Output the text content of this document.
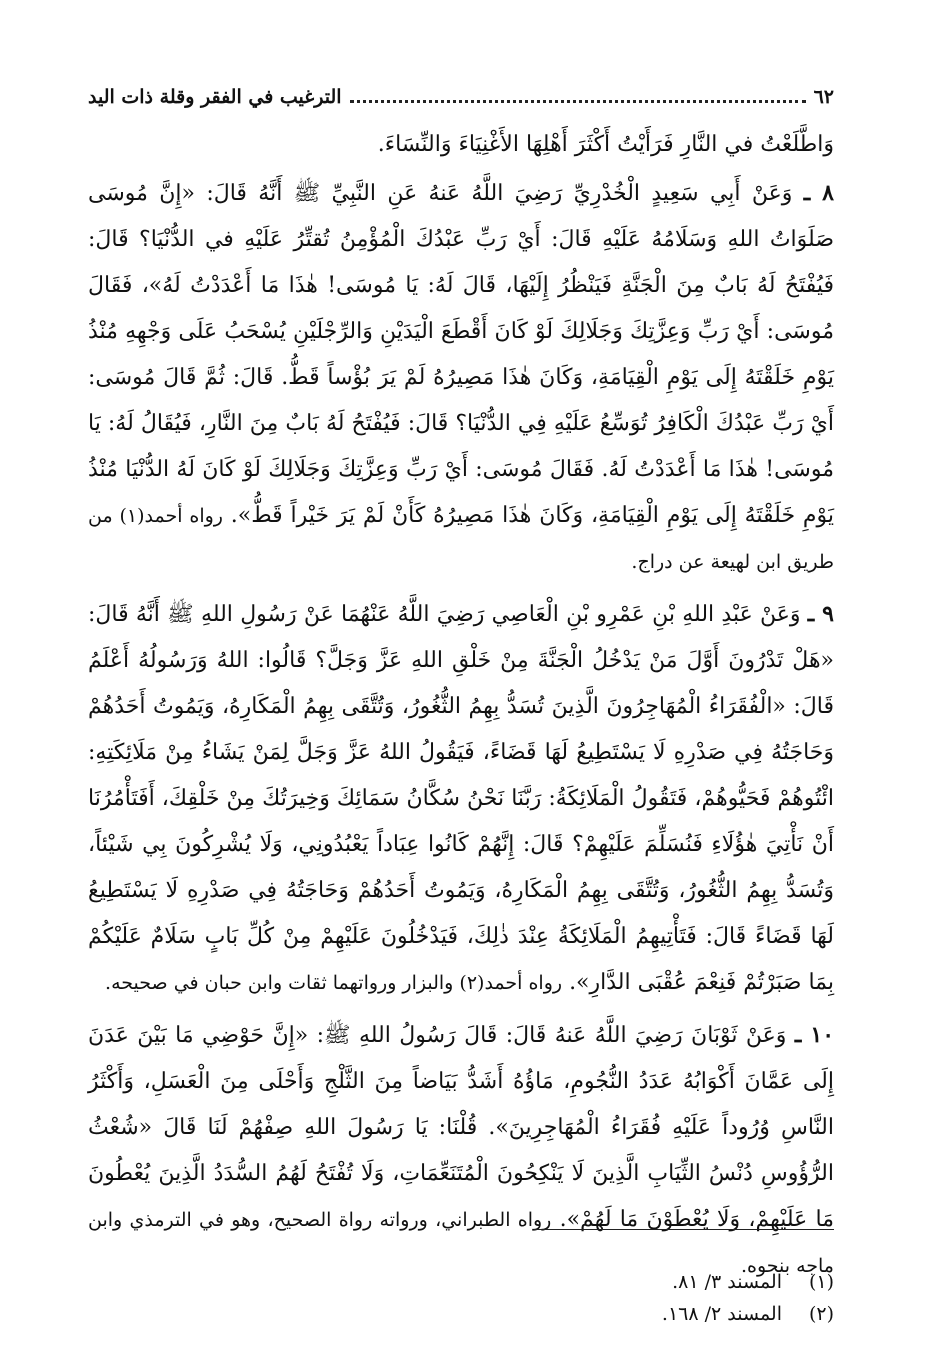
٦٢
الترغيب في الفقر وقلة ذات اليد

وَاطَّلَعْتُ في النَّارِ فَرَأَيْتُ أَكْثَرَ أَهْلِهَا الأَغْنِيَاءَ وَالنِّسَاءَ.

٨ ـ وَعَنْ أَبِي سَعِيدٍ الْخُدْرِيِّ رَضِيَ اللَّهُ عَنهُ عَنِ النَّبِيِّ ﷺ أَنَّهُ قَالَ: «إِنَّ مُوسَى صَلَوَاتُ اللهِ وَسَلَامُهُ عَلَيْهِ قَالَ: أَيْ رَبِّ عَبْدُكَ الْمُؤْمِنُ تُقتِّرُ عَلَيْهِ في الدُّنْيَا؟ قَالَ: فَيُفْتَحُ لَهُ بَابٌ مِنَ الْجَنَّةِ فَيَنْظُرُ إِلَيْهَا، قَالَ لَهُ: يَا مُوسَى! هٰذَا مَا أَعْدَدْتُ لَهُ»، فَقَالَ مُوسَى: أَيْ رَبِّ وَعِزَّتِكَ وَجَلَالِكَ لَوْ كَانَ أَقْطَعَ الْيَدَيْنِ وَالرِّجْلَيْنِ يُسْحَبُ عَلَى وَجْهِهِ مُنْذُ يَوْمِ خَلَقْتَهُ إِلَى يَوْمِ الْقِيَامَةِ، وَكَانَ هٰذَا مَصِيرُهُ لَمْ يَرَ بُؤْساً قَطُّ. قَالَ: ثُمَّ قَالَ مُوسَى: أَيْ رَبِّ عَبْدُكَ الْكَافِرُ تُوَسِّعُ عَلَيْهِ فِي الدُّنْيَا؟ قَالَ: فَيُفْتَحُ لَهُ بَابٌ مِنَ النَّارِ، فَيُقَالُ لَهُ: يَا مُوسَى! هٰذَا مَا أَعْدَدْتُ لَهُ. فَقَالَ مُوسَى: أَيْ رَبِّ وَعِزَّتِكَ وَجَلَالِكَ لَوْ كَانَ لَهُ الدُّنْيَا مُنْذُ يَوْمِ خَلَقْتَهُ إِلَى يَوْمِ الْقِيَامَةِ، وَكَانَ هٰذَا مَصِيرُهُ كَأَنْ لَمْ يَرَ خَيْراً قَطُّ». رواه أحمد(١) من طريق ابن لهيعة عن دراج.

٩ ـ وَعَنْ عَبْدِ اللهِ بْنِ عَمْرِو بْنِ الْعَاصِي رَضِيَ اللَّهُ عَنْهُمَا عَنْ رَسُولِ اللهِ ﷺ أَنَّهُ قَالَ: «هَلْ تَدْرُونَ أَوَّلَ مَنْ يَدْخُلُ الْجَنَّةَ مِنْ خَلْقِ اللهِ عَزَّ وَجَلَّ؟ قَالُوا: اللهُ وَرَسُولُهُ أَعْلَمُ قَالَ: «الْفُقَرَاءُ الْمُهَاجِرُونَ الَّذِينَ تُسَدُّ بِهِمُ الثُّغُورُ، وَتُتَّقَى بِهِمُ الْمَكَارِهُ، وَيَمُوتُ أَحَدُهُمْ وَحَاجَتُهُ فِي صَدْرِهِ لَا يَسْتَطِيعُ لَهَا قَضَاءً، فَيَقُولُ اللهُ عَزَّ وَجَلَّ لِمَنْ يَشَاءُ مِنْ مَلَائِكَتِهِ: ائْتُوهُمْ فَحَيُّوهُمْ، فَتَقُولُ الْمَلَائِكَةُ: رَبَّنَا نَحْنُ سُكَّانُ سَمَائِكَ وَخِيرَتُكَ مِنْ خَلْقِكَ، أَفَتَأْمُرُنَا أَنْ نَأْتِيَ هٰؤُلَاءِ فَنُسَلِّمَ عَلَيْهِمْ؟ قَالَ: إِنَّهُمْ كَانُوا عِبَاداً يَعْبُدُونِي، وَلَا يُشْرِكُونَ بِي شَيْئاً، وَتُسَدُّ بِهِمُ الثُّغُورُ، وَتُتَّقَى بِهِمُ الْمَكَارِهُ، وَيَمُوتُ أَحَدُهُمْ وَحَاجَتُهُ فِي صَدْرِهِ لَا يَسْتَطِيعُ لَهَا قَضَاءً قَالَ: فَتَأْتِيهِمُ الْمَلَائِكَةُ عِنْدَ ذٰلِكَ، فَيَدْخُلُونَ عَلَيْهِمْ مِنْ كُلِّ بَابٍ سَلَامٌ عَلَيْكُمْ بِمَا صَبَرْتُمْ فَنِعْمَ عُقْبَى الدَّارِ». رواه أحمد(٢) والبزار ورواتهما ثقات وابن حبان في صحيحه.

١٠ ـ وَعَنْ ثَوْبَانَ رَضِيَ اللَّهُ عَنهُ قَالَ: قَالَ رَسُولُ اللهِ ﷺ: «إِنَّ حَوْضِي مَا بَيْنَ عَدَنَ إِلَى عَمَّانَ أَكْوَابُهُ عَدَدُ النُّجُومِ، مَاؤُهُ أَشَدُّ بَيَاضاً مِنَ الثَّلْجِ وَأَحْلَى مِنَ الْعَسَلِ، وَأَكْثَرُ النَّاسِ وُرُوداً عَلَيْهِ فُقَرَاءُ الْمُهَاجِرِينَ». قُلْنَا: يَا رَسُولَ اللهِ صِفْهُمْ لَنَا قَالَ «شُعْثُ الرُّؤُوسِ دُنْسُ الثِّيَابِ الَّذِينَ لَا يَنْكِحُونَ الْمُتَنَعِّمَاتِ، وَلَا تُفْتَحُ لَهُمُ السُّدَدُ الَّذِينَ يُعْطُونَ مَا عَلَيْهِمْ، وَلَا يُعْطَوْنَ مَا لَهُمْ». رواه الطبراني، ورواته رواة الصحيح، وهو في الترمذي وابن ماجه بنحوه.

(١)
المسند ٣/ ٨١.
(٢)
المسند ٢/ ١٦٨.
